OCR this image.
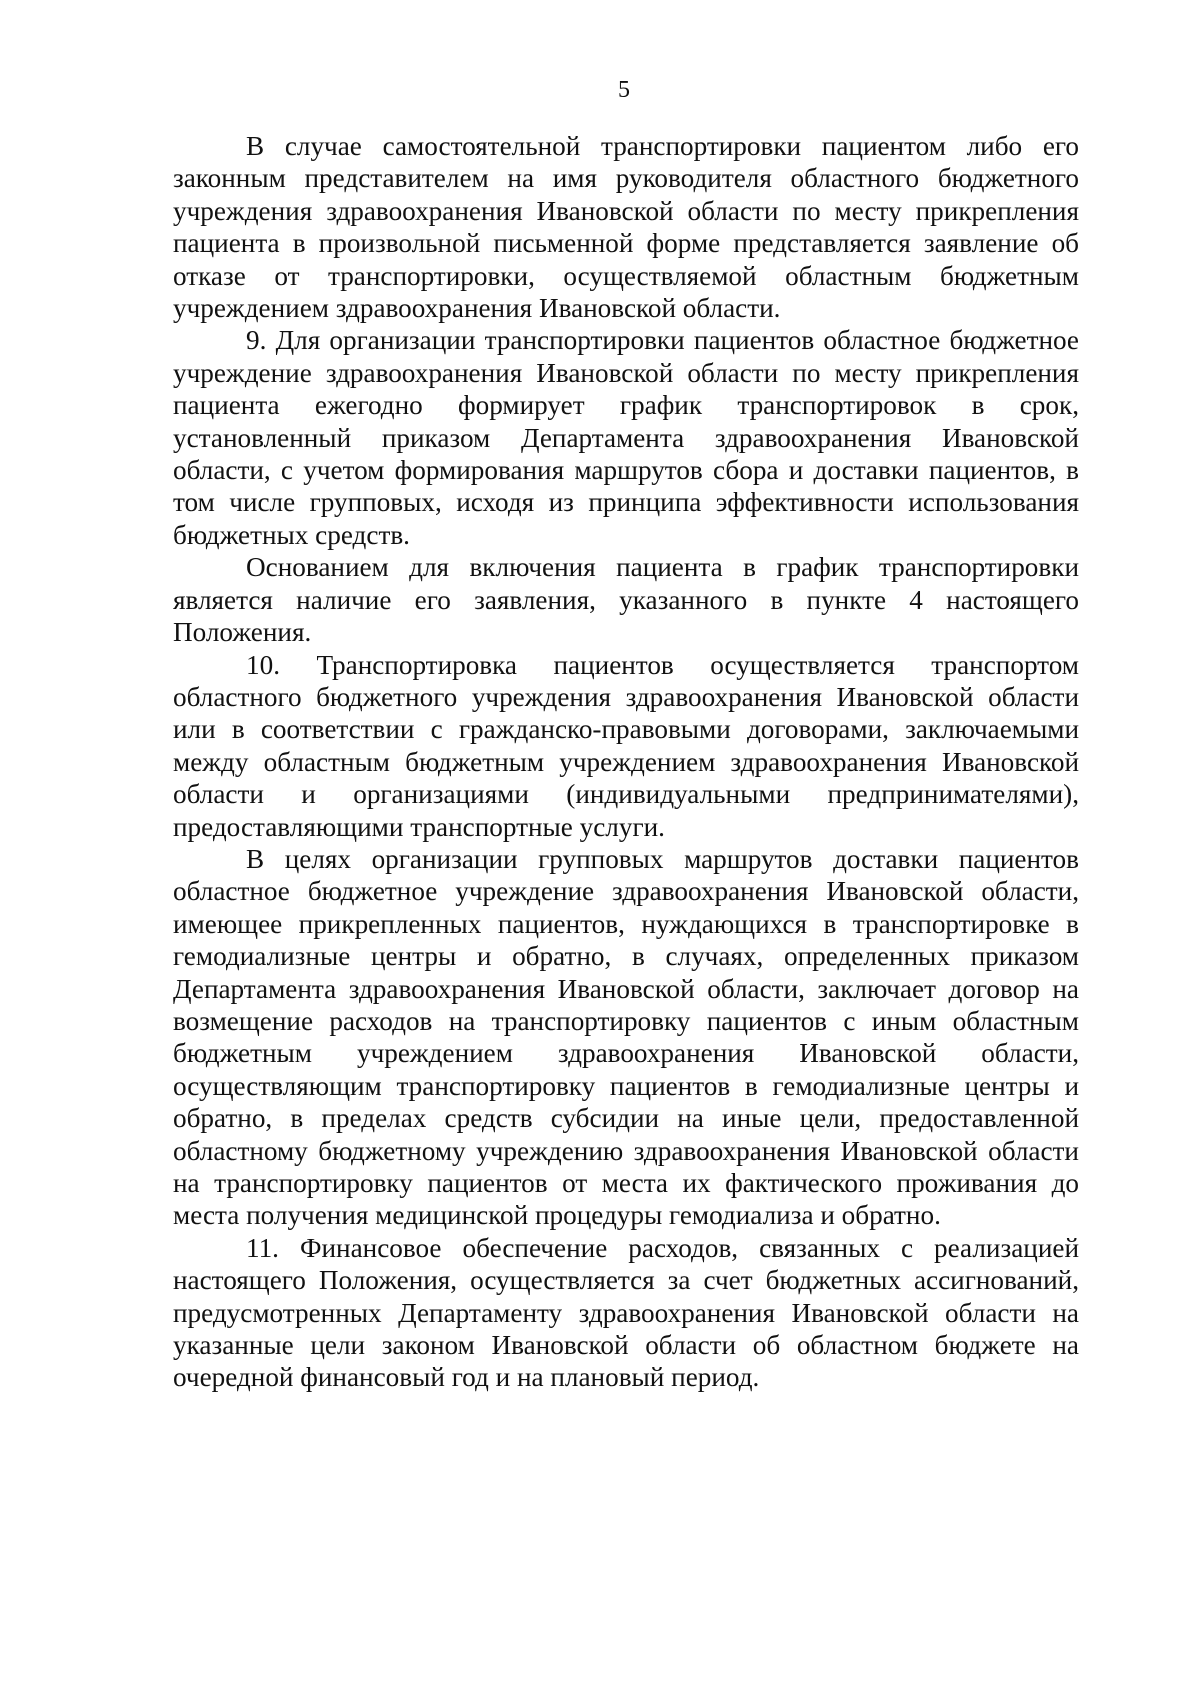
5

В случае самостоятельной транспортировки пациентом либо его законным представителем на имя руководителя областного бюджетного учреждения здравоохранения Ивановской области по месту прикрепления пациента в произвольной письменной форме представляется заявление об отказе от транспортировки, осуществляемой областным бюджетным учреждением здравоохранения Ивановской области.

9. Для организации транспортировки пациентов областное бюджетное учреждение здравоохранения Ивановской области по месту прикрепления пациента ежегодно формирует график транспортировок в срок, установленный приказом Департамента здравоохранения Ивановской области, с учетом формирования маршрутов сбора и доставки пациентов, в том числе групповых, исходя из принципа эффективности использования бюджетных средств.

Основанием для включения пациента в график транспортировки является наличие его заявления, указанного в пункте 4 настоящего Положения.

10. Транспортировка пациентов осуществляется транспортом областного бюджетного учреждения здравоохранения Ивановской области или в соответствии с гражданско-правовыми договорами, заключаемыми между областным бюджетным учреждением здравоохранения Ивановской области и организациями (индивидуальными предпринимателями), предоставляющими транспортные услуги.

В целях организации групповых маршрутов доставки пациентов областное бюджетное учреждение здравоохранения Ивановской области, имеющее прикрепленных пациентов, нуждающихся в транспортировке в гемодиализные центры и обратно, в случаях, определенных приказом Департамента здравоохранения Ивановской области, заключает договор на возмещение расходов на транспортировку пациентов с иным областным бюджетным учреждением здравоохранения Ивановской области, осуществляющим транспортировку пациентов в гемодиализные центры и обратно, в пределах средств субсидии на иные цели, предоставленной областному бюджетному учреждению здравоохранения Ивановской области на транспортировку пациентов от места их фактического проживания до места получения медицинской процедуры гемодиализа и обратно.

11. Финансовое обеспечение расходов, связанных с реализацией настоящего Положения, осуществляется за счет бюджетных ассигнований, предусмотренных Департаменту здравоохранения Ивановской области на указанные цели законом Ивановской области об областном бюджете на очередной финансовый год и на плановый период.
